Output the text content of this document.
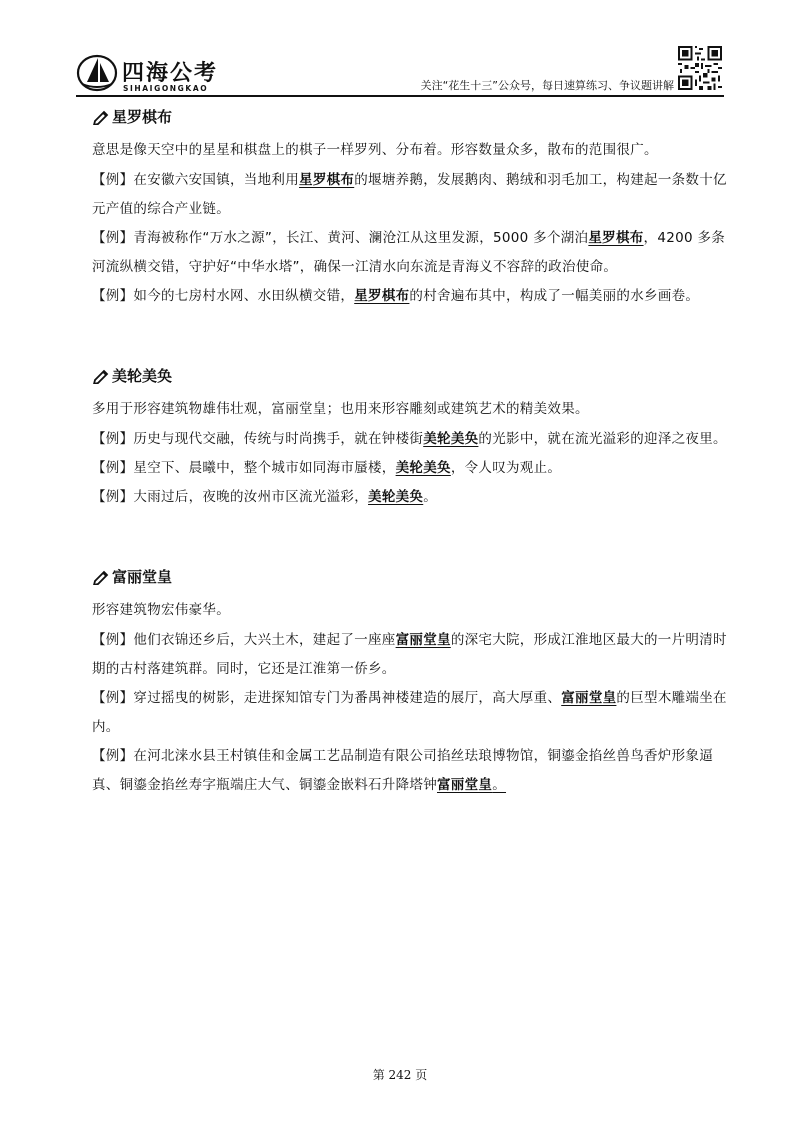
四海公考
SIHAIGONGKAO	关注“花生十三”公众号，每日速算练习、争议题讲解
星罗棋布
意思是像天空中的星星和棋盘上的棋子一样罗列、分布着。形容数量众多，散布的范围很广。
【例】在安徽六安国镇，当地利用星罗棋布的堰塘养鹅，发展鹅肉、鹅绒和羽毛加工，构建起一条数十亿元产值的综合产业链。
【例】青海被称作“万水之源”，长江、黄河、澜沧江从这里发源，5000 多个湖泊星罗棋布，4200 多条河流纵横交错，守护好“中华水塔”，确保一江清水向东流是青海义不容辞的政治使命。
【例】如今的七房村水网、水田纵横交错，星罗棋布的村舍遍布其中，构成了一幅美丽的水乡画卷。
美轮美奂
多用于形容建筑物雄伟壮观，富丽堂皇；也用来形容雕刻或建筑艺术的精美效果。
【例】历史与现代交融，传统与时尚携手，就在钟楼街美轮美奂的光影中，就在流光溢彩的迎泽之夜里。
【例】星空下、晨曦中，整个城市如同海市蜃楼，美轮美奂，令人叹为观止。
【例】大雨过后，夜晚的汝州市区流光溢彩，美轮美奂。
富丽堂皇
形容建筑物宏伟豪华。
【例】他们衣锦还乡后，大兴土木，建起了一座座富丽堂皇的深宅大院，形成江淮地区最大的一片明清时期的古村落建筑群。同时，它还是江淮第一侨乡。
【例】穿过摇曳的树影，走进探知馆专门为番禺神楼建造的展厅，高大厚重、富丽堂皇的巨型木雕端坐在内。
【例】在河北涞水县王村镇佳和金属工艺品制造有限公司掐丝珐琅博物馆，铜鎏金掐丝兽鸟香炉形象逼真、铜鎏金掐丝寿字瓶端庄大气、铜鎏金嵌料石升降塔钟富丽堂皇。
第 242 页
